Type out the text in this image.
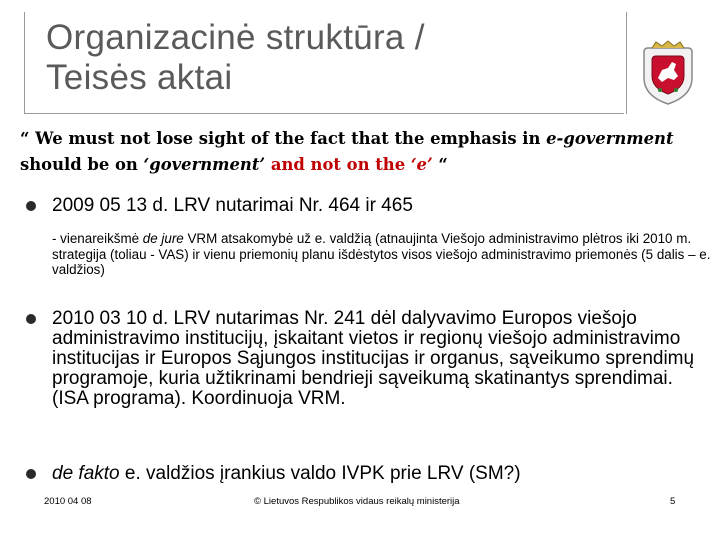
Organizacinė struktūra /
Teisės aktai
“ We must not lose sight of the fact that the emphasis in e-government should be on ‘government’ and not on the ‘e’ “
2009 05 13 d. LRV nutarimai Nr. 464 ir 465
- vienareikšmė de jure VRM atsakomybė už e. valdžią (atnaujinta Viešojo administravimo plėtros iki 2010 m. strategija (toliau - VAS) ir vienu priemonių planu išdėstytos visos viešojo administravimo priemonės (5 dalis – e. valdžios)
2010 03 10 d. LRV nutarimas Nr. 241 dėl dalyvavimo Europos viešojo administravimo institucijų, įskaitant vietos ir regionų viešojo administravimo institucijas ir Europos Sąjungos institucijas ir organus, sąveikumo sprendimų programoje, kuria užtikrinami bendrieji sąveikumą skatinantys sprendimai. (ISA programa). Koordinuoja VRM.
de fakto e. valdžios įrankius valdo IVPK prie LRV (SM?)
2010 04 08	© Lietuvos Respublikos vidaus reikalų ministerija	5
